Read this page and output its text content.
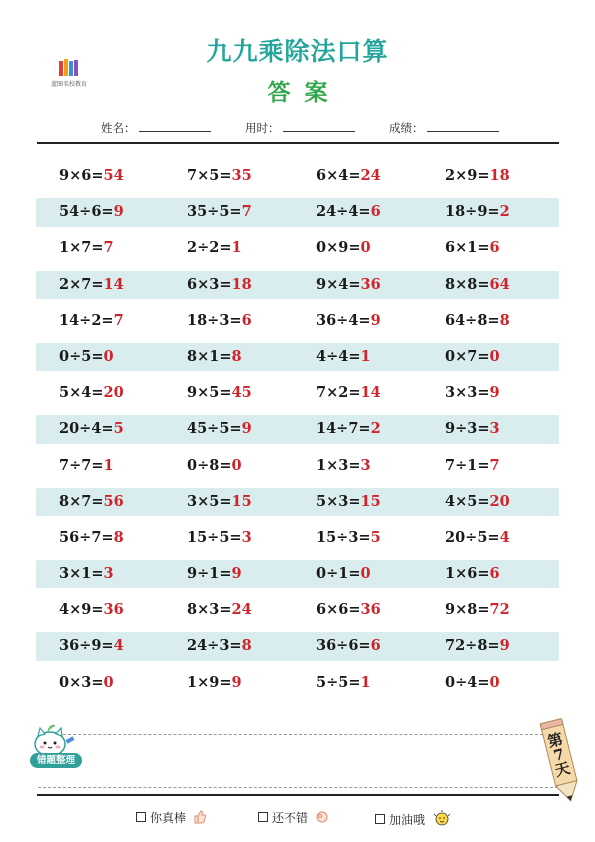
蓝图名校教育
九九乘除法口算
答案
姓名：	用时：	成绩：
9×6=54	7×5=35	6×4=24	2×9=18
54÷6=9	35÷5=7	24÷4=6	18÷9=2
1×7=7	2÷2=1	0×9=0	6×1=6
2×7=14	6×3=18	9×4=36	8×8=64
14÷2=7	18÷3=6	36÷4=9	64÷8=8
0÷5=0	8×1=8	4÷4=1	0×7=0
5×4=20	9×5=45	7×2=14	3×3=9
20÷4=5	45÷5=9	14÷7=2	9÷3=3
7÷7=1	0÷8=0	1×3=3	7÷1=7
8×7=56	3×5=15	5×3=15	4×5=20
56÷7=8	15÷5=3	15÷3=5	20÷5=4
3×1=3	9÷1=9	0÷1=0	1×6=6
4×9=36	8×3=24	6×6=36	9×8=72
36÷9=4	24÷3=8	36÷6=6	72÷8=9
0×3=0	1×9=9	5÷5=1	0÷4=0
错题整理
第
7
天
你真棒	还不错	加油哦
